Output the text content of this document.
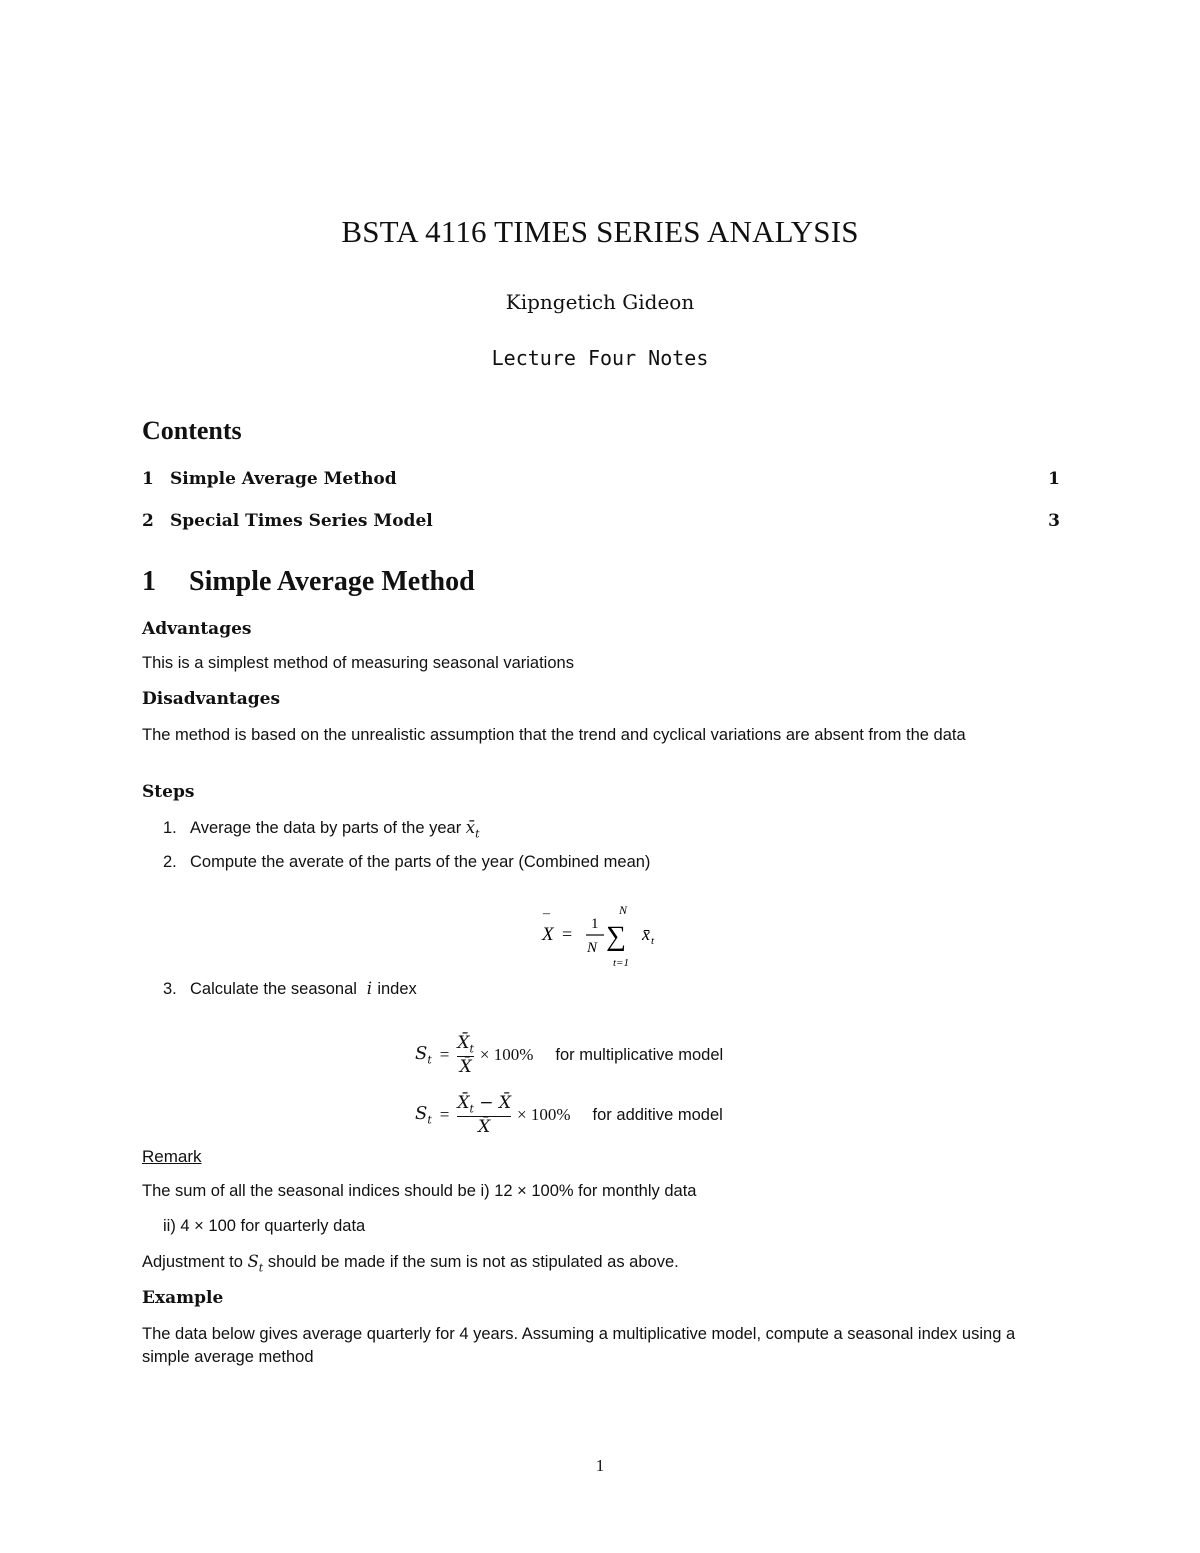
BSTA 4116 TIMES SERIES ANALYSIS
Kipngetich Gideon
Lecture Four Notes
Contents
1 Simple Average Method	1
2 Special Times Series Model	3
1 Simple Average Method
Advantages
This is a simplest method of measuring seasonal variations
Disadvantages
The method is based on the unrealistic assumption that the trend and cyclical variations are absent from the data
Steps
1. Average the data by parts of the year $x̄_t$
2. Compute the averate of the parts of the year (Combined mean)
X
¯
= 1
N ∑
N
t=1
x̄ t
3. Calculate the seasonal  i index
$S_t = \frac{X̄_t}{X̄} \times 100\%$ for multiplicative model
$S_t = \frac{X̄_t - X̄}{X̄} \times 100\%$ for additive model
Remark
The sum of all the seasonal indices should be i) 12 × 100% for monthly data
ii) 4 × 100 for quarterly data
Adjustment to $S_t$ should be made if the sum is not as stipulated as above.
Example
The data below gives average quarterly for 4 years. Assuming a multiplicative model, compute a seasonal index using a simple average method
1
